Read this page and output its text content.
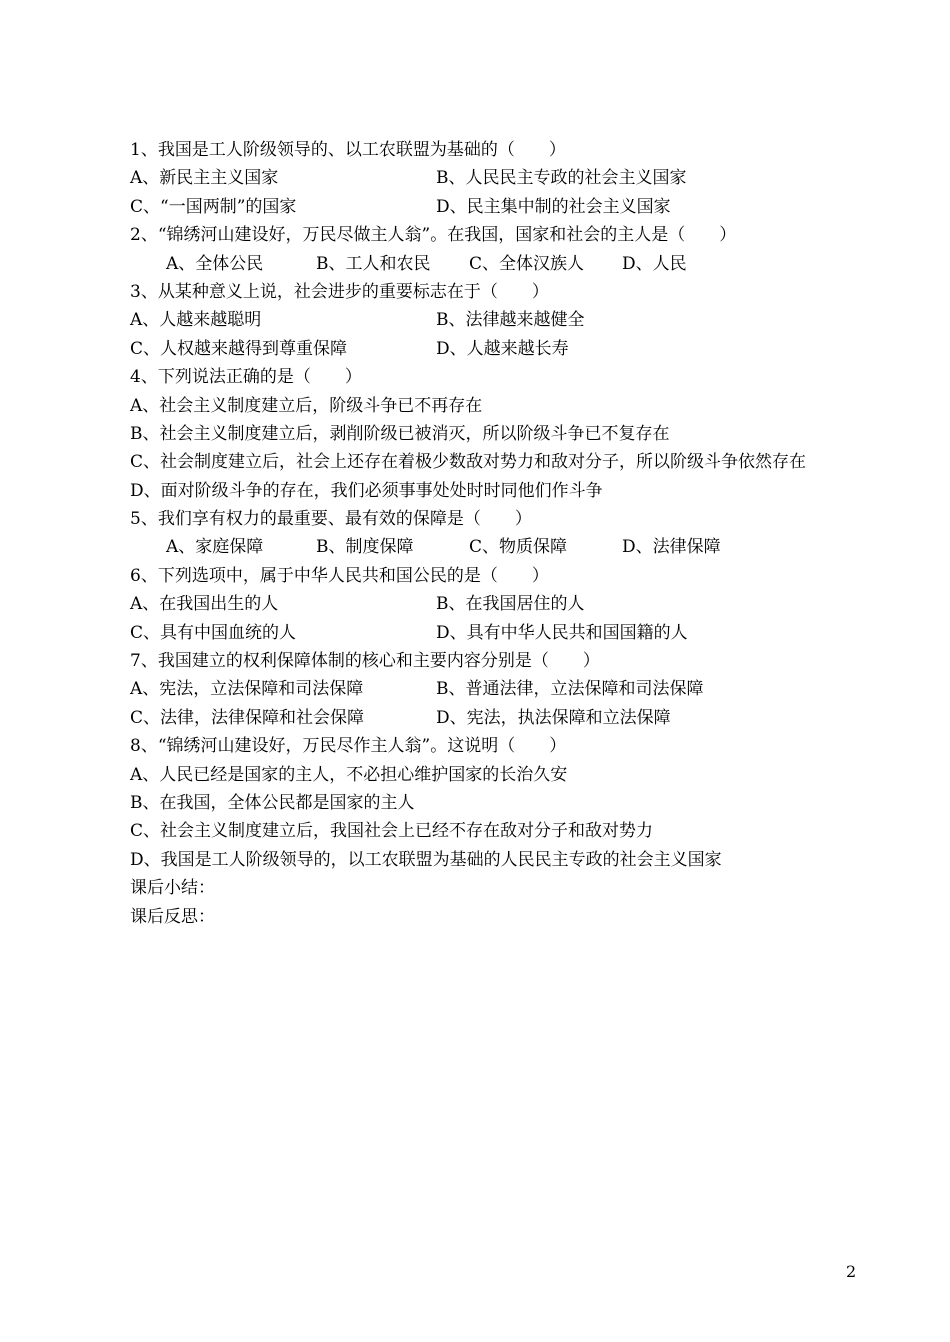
1、我国是工人阶级领导的、以工农联盟为基础的（　　）
A、新民主主义国家	B、人民民主专政的社会主义国家
C、“一国两制”的国家	D、民主集中制的社会主义国家
2、“锦绣河山建设好，万民尽做主人翁”。在我国，国家和社会的主人是（　　）
A、全体公民	B、工人和农民	C、全体汉族人	D、人民
3、从某种意义上说，社会进步的重要标志在于（　　）
A、人越来越聪明	B、法律越来越健全
C、人权越来越得到尊重保障	D、人越来越长寿
4、下列说法正确的是（　　）
A、社会主义制度建立后，阶级斗争已不再存在
B、社会主义制度建立后，剥削阶级已被消灭，所以阶级斗争已不复存在
C、社会制度建立后，社会上还存在着极少数敌对势力和敌对分子，所以阶级斗争依然存在
D、面对阶级斗争的存在，我们必须事事处处时时同他们作斗争
5、我们享有权力的最重要、最有效的保障是（　　）
A、家庭保障	B、制度保障	C、物质保障	D、法律保障
6、下列选项中，属于中华人民共和国公民的是（　　）
A、在我国出生的人	B、在我国居住的人
C、具有中国血统的人	D、具有中华人民共和国国籍的人
7、我国建立的权利保障体制的核心和主要内容分别是（　　）
A、宪法，立法保障和司法保障	B、普通法律，立法保障和司法保障
C、法律，法律保障和社会保障	D、宪法，执法保障和立法保障
8、“锦绣河山建设好，万民尽作主人翁”。这说明（　　）
A、人民已经是国家的主人，不必担心维护国家的长治久安
B、在我国，全体公民都是国家的主人
C、社会主义制度建立后，我国社会上已经不存在敌对分子和敌对势力
D、我国是工人阶级领导的，以工农联盟为基础的人民民主专政的社会主义国家
课后小结：
课后反思：
2
